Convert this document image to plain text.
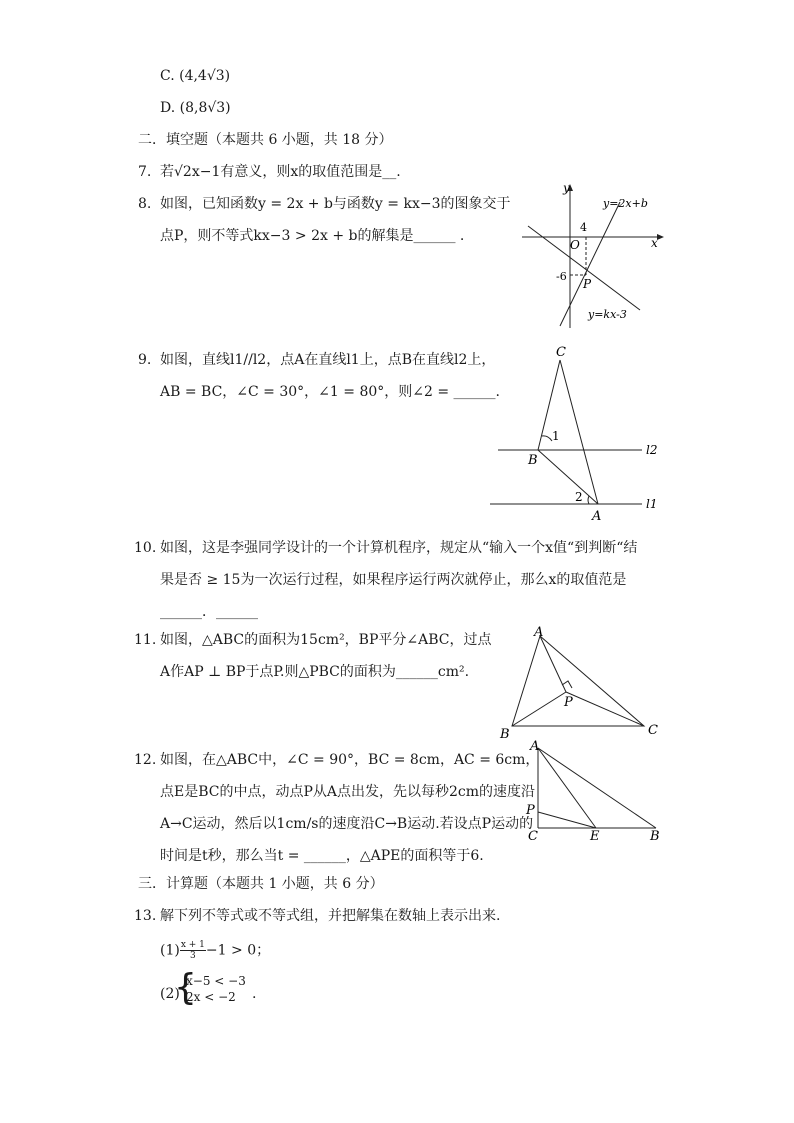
C. (4,4√3)
D. (8,8√3)
二．填空题（本题共 6 小题，共 18 分）
7. 若√2x−1有意义，则x的取值范围是__.
8. 如图，已知函数y = 2x + b与函数y = kx−3的图象交于
点P，则不等式kx−3 > 2x + b的解集是______ .
y
x
O
4
-6
P
y=2x+b
y=kx-3
9. 如图，直线l1//l2，点A在直线l1上，点B在直线l2上，
AB = BC，∠C = 30°，∠1 = 80°，则∠2 = ______.
C
B
A
1
2
l2
l1
10. 如图，这是李强同学设计的一个计算机程序，规定从“输入一个x值“到判断“结
果是否 ≥ 15为一次运行过程，如果程序运行两次就停止，那么x的取值范是
______．______
11. 如图，△ABC的面积为15cm²，BP平分∠ABC，过点
A作AP ⊥ BP于点P.则△PBC的面积为______cm².
A
B	C
P
12. 如图，在△ABC中，∠C = 90°，BC = 8cm，AC = 6cm，
点E是BC的中点，动点P从A点出发，先以每秒2cm的速度沿
A→C运动，然后以1cm/s的速度沿C→B运动.若设点P运动的
时间是t秒，那么当t = ______，△APE的面积等于6.
A
P
C	E	B
三．计算题（本题共 1 小题，共 6 分）
13. 解下列不等式或不等式组，并把解集在数轴上表示出来.
$(1) \frac{x + 1}{3} -1 > 0$；
(2)
{
x−5 < −3
2x < −2 .
